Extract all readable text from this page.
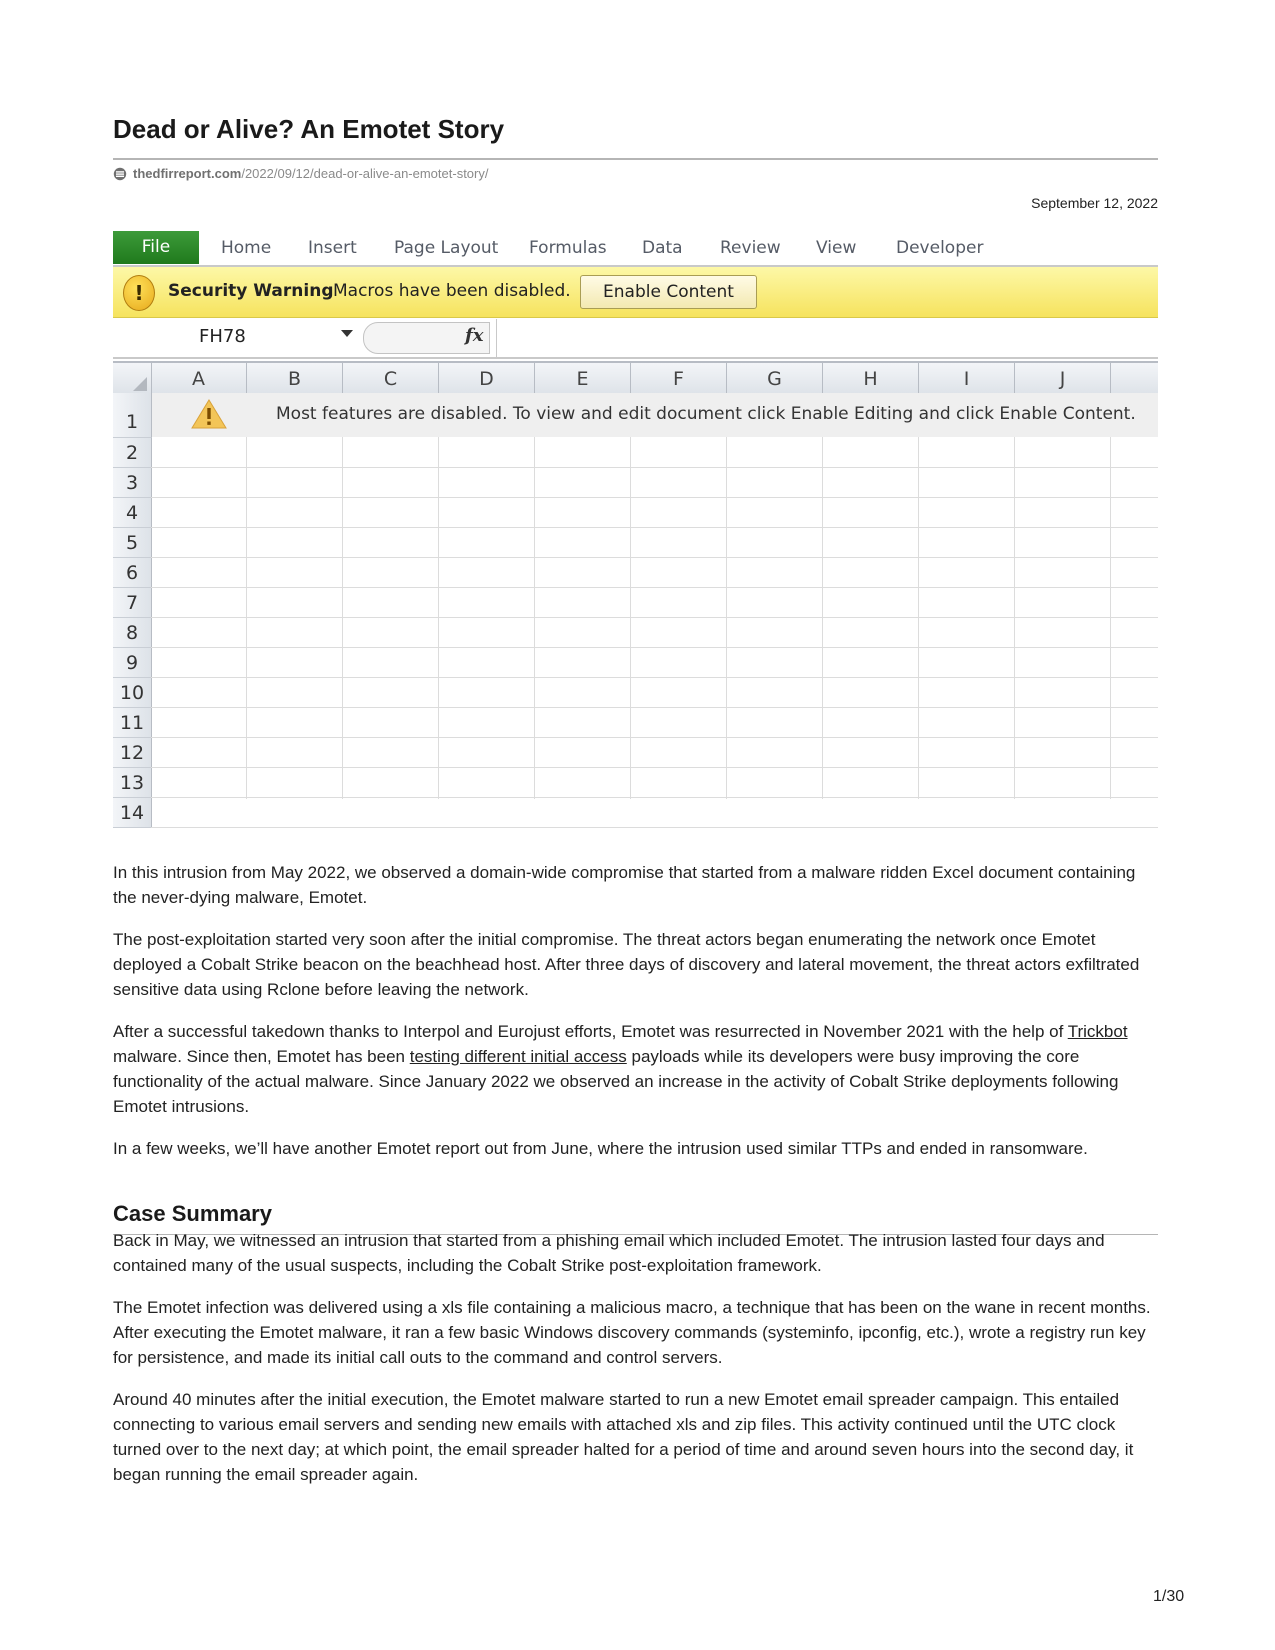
Dead or Alive? An Emotet Story
thedfirreport.com /2022/09/12/dead-or-alive-an-emotet-story/
September 12, 2022
File	Home Insert Page Layout Formulas Data Review View Developer
!	Security Warning Macros have been disabled.	Enable Content
FH78	fx
A	B	C	D	E	F	G	H	I	J
Most features are disabled. To view and edit document click Enable Editing and click Enable Content.
1
2
3
4
5
6
7
8
9
10
11
12
13
14

In this intrusion from May 2022, we observed a domain-wide compromise that started from a malware ridden Excel document containing the never-dying malware, Emotet.

The post-exploitation started very soon after the initial compromise. The threat actors began enumerating the network once Emotet deployed a Cobalt Strike beacon on the beachhead host. After three days of discovery and lateral movement, the threat actors exfiltrated sensitive data using Rclone before leaving the network.

After a successful takedown thanks to Interpol and Eurojust efforts, Emotet was resurrected in November 2021 with the help of Trickbot malware. Since then, Emotet has been testing different initial access payloads while its developers were busy improving the core functionality of the actual malware. Since January 2022 we observed an increase in the activity of Cobalt Strike deployments following Emotet intrusions.

In a few weeks, we’ll have another Emotet report out from June, where the intrusion used similar TTPs and ended in ransomware.

Case Summary

Back in May, we witnessed an intrusion that started from a phishing email which included Emotet. The intrusion lasted four days and contained many of the usual suspects, including the Cobalt Strike post-exploitation framework.

The Emotet infection was delivered using a xls file containing a malicious macro, a technique that has been on the wane in recent months. After executing the Emotet malware, it ran a few basic Windows discovery commands (systeminfo, ipconfig, etc.), wrote a registry run key for persistence, and made its initial call outs to the command and control servers.

Around 40 minutes after the initial execution, the Emotet malware started to run a new Emotet email spreader campaign. This entailed connecting to various email servers and sending new emails with attached xls and zip files. This activity continued until the UTC clock turned over to the next day; at which point, the email spreader halted for a period of time and around seven hours into the second day, it began running the email spreader again.

1/30
